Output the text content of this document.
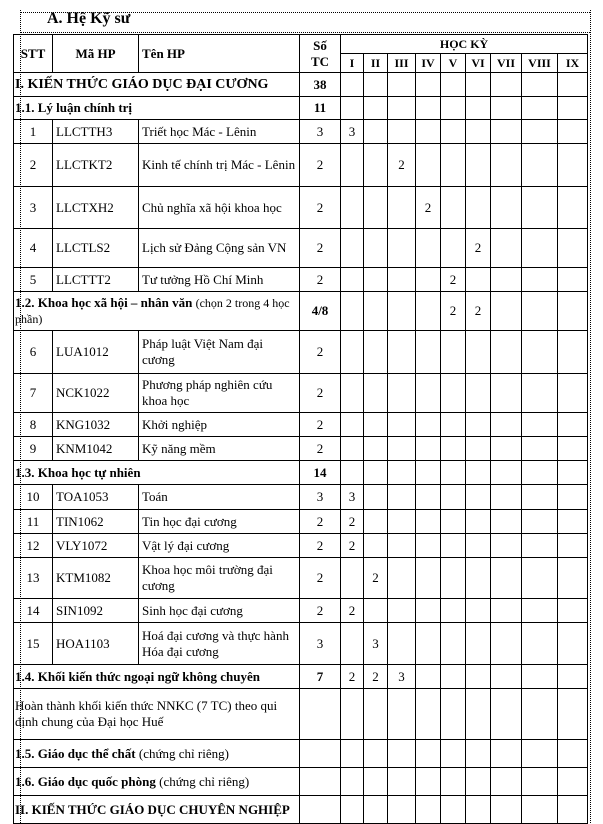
A. Hệ Kỹ sư
STT	Mã HP	Tên HP	Số TC	HỌC KỲ								
				I	II	III	IV	V	VI	VII	VIII	IX
I. KIẾN THỨC GIÁO DỤC ĐẠI CƯƠNG			38									
1.1. Lý luận chính trị			11									
1	LLCTTH3	Triết học Mác - Lênin	3	3								
2	LLCTKT2	Kinh tế chính trị Mác - Lênin	2			2						
3	LLCTXH2	Chủ nghĩa xã hội khoa học	2				2					
4	LLCTLS2	Lịch sử Đảng Cộng sản VN	2						2			
5	LLCTTT2	Tư tưởng Hồ Chí Minh	2					2				
1.2. Khoa học xã hội – nhân văn (chọn 2 trong 4 học phần)			4/8					2	2			
6	LUA1012	Pháp luật Việt Nam đại cương	2									
7	NCK1022	Phương pháp nghiên cứu khoa học	2									
8	KNG1032	Khởi nghiệp	2									
9	KNM1042	Kỹ năng mềm	2									
1.3. Khoa học tự nhiên			14									
10	TOA1053	Toán	3	3								
11	TIN1062	Tin học đại cương	2	2								
12	VLY1072	Vật lý đại cương	2	2								
13	KTM1082	Khoa học môi trường đại cương	2		2							
14	SIN1092	Sinh học đại cương	2	2								
15	HOA1103	Hoá đại cương và thực hành Hóa đại cương	3		3							
1.4. Khối kiến thức ngoại ngữ không chuyên			7	2	2	3						
Hoàn thành khối kiến thức NNKC (7 TC) theo qui định chung của Đại học Huế												
1.5. Giáo dục thể chất (chứng chỉ riêng)												
1.6. Giáo dục quốc phòng (chứng chỉ riêng)												
II. KIẾN THỨC GIÁO DỤC CHUYÊN NGHIỆP												
